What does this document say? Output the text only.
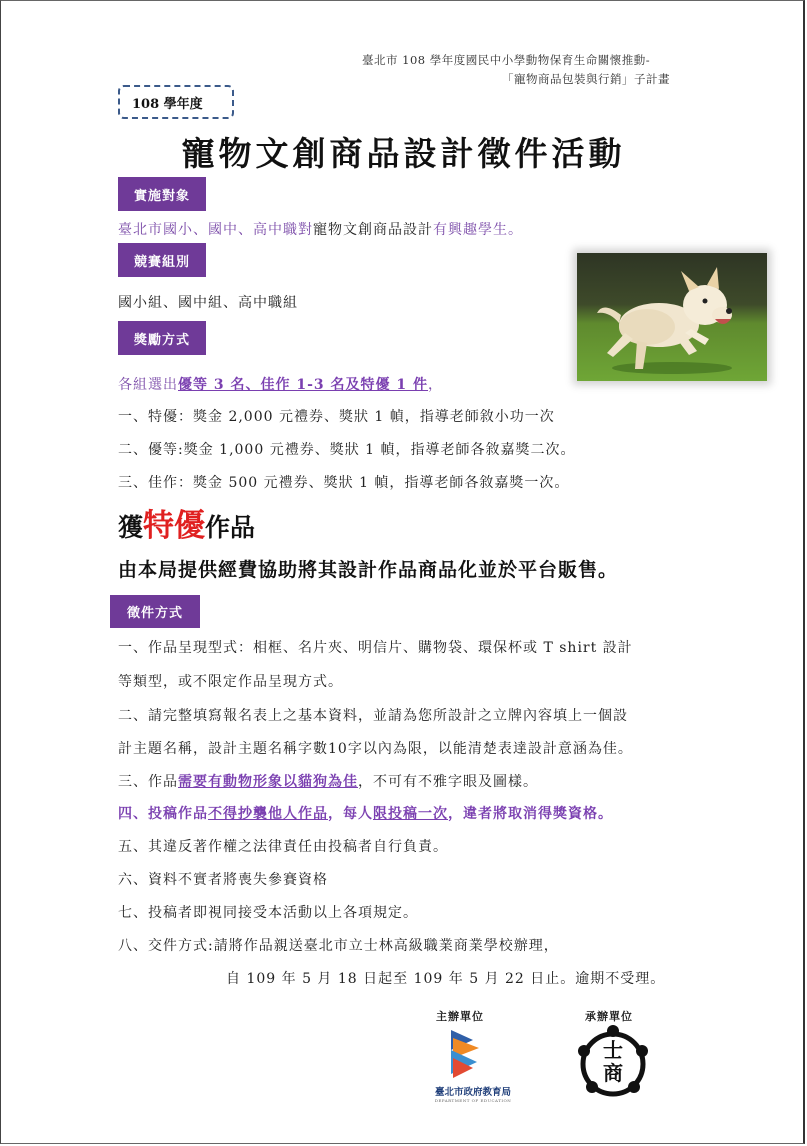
臺北市 108 學年度國民中小學動物保育生命關懷推動-
「寵物商品包裝與行銷」子計畫
108 學年度
寵物文創商品設計徵件活動
實施對象
臺北市國小、國中、高中職對寵物文創商品設計有興趣學生。
競賽組別
國小組、國中組、高中職組
獎勵方式
各組選出優等 3 名、佳作 1-3 名及特優 1 件，
一、特優：獎金 2,000 元禮券、獎狀 1 幀，指導老師敘小功一次
二、優等:獎金 1,000 元禮券、獎狀 1 幀，指導老師各敘嘉獎二次。
三、佳作：獎金 500 元禮券、獎狀 1 幀，指導老師各敘嘉獎一次。
獲特優作品
由本局提供經費協助將其設計作品商品化並於平台販售。
徵件方式
一、作品呈現型式：相框、名片夾、明信片、購物袋、環保杯或 T shirt 設計
等類型，或不限定作品呈現方式。
二、請完整填寫報名表上之基本資料，並請為您所設計之立牌內容填上一個設
計主題名稱，設計主題名稱字數10字以內為限，以能清楚表達設計意涵為佳。
三、作品需要有動物形象以貓狗為佳，不可有不雅字眼及圖樣。
四、投稿作品不得抄襲他人作品，每人限投稿一次，違者將取消得獎資格。
五、其違反著作權之法律責任由投稿者自行負責。
六、資料不實者將喪失參賽資格
七、投稿者即視同接受本活動以上各項規定。
八、交件方式:請將作品親送臺北市立士林高級職業商業學校辦理，
自 109 年 5 月 18 日起至 109 年 5 月 22 日止。逾期不受理。
主辦單位
臺北市政府教育局
DEPARTMENT OF EDUCATION
承辦單位
士
商
